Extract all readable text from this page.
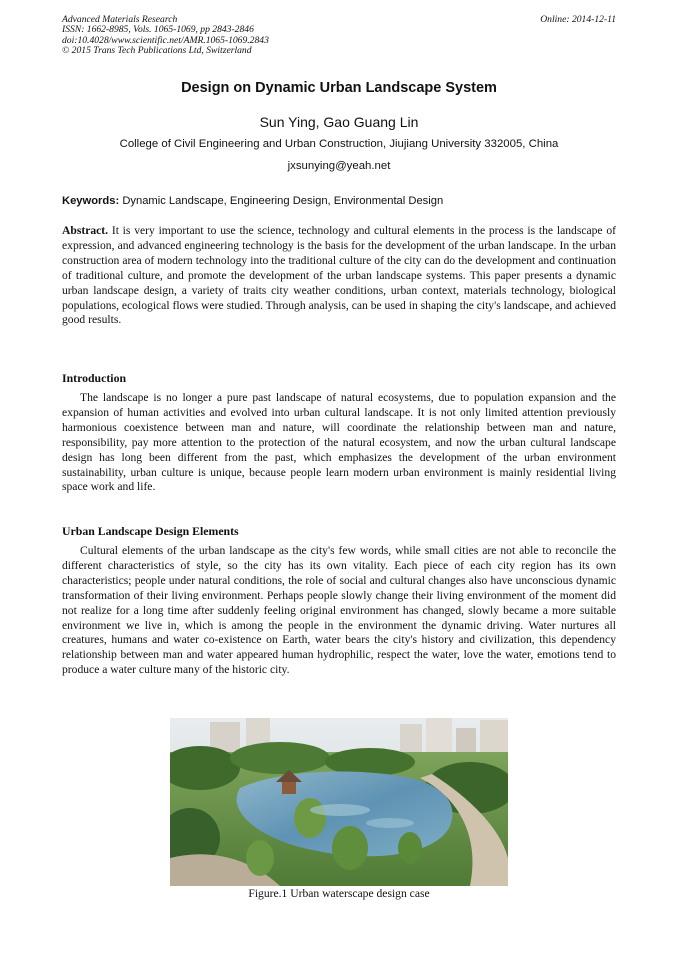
Advanced Materials Research
ISSN: 1662-8985, Vols. 1065-1069, pp 2843-2846
doi:10.4028/www.scientific.net/AMR.1065-1069.2843
© 2015 Trans Tech Publications Ltd, Switzerland
Online: 2014-12-11
Design on Dynamic Urban Landscape System
Sun Ying, Gao Guang Lin
College of Civil Engineering and Urban Construction, Jiujiang University 332005, China
jxsunying@yeah.net
Keywords: Dynamic Landscape, Engineering Design, Environmental Design
Abstract. It is very important to use the science, technology and cultural elements in the process is the landscape of expression, and advanced engineering technology is the basis for the development of the urban landscape. In the urban construction area of modern technology into the traditional culture of the city can do the development and continuation of traditional culture, and promote the development of the urban landscape systems. This paper presents a dynamic urban landscape design, a variety of traits city weather conditions, urban context, materials technology, biological populations, ecological flows were studied. Through analysis, can be used in shaping the city's landscape, and achieved good results.
Introduction
The landscape is no longer a pure past landscape of natural ecosystems, due to population expansion and the expansion of human activities and evolved into urban cultural landscape. It is not only limited attention previously harmonious coexistence between man and nature, will coordinate the relationship between man and nature, responsibility, pay more attention to the protection of the natural ecosystem, and now the urban cultural landscape design has long been different from the past, which emphasizes the development of the urban environment sustainability, urban culture is unique, because people learn modern urban environment is mainly residential living space work and life.
Urban Landscape Design Elements
Cultural elements of the urban landscape as the city's few words, while small cities are not able to reconcile the different characteristics of style, so the city has its own vitality. Each piece of each city region has its own characteristics; people under natural conditions, the role of social and cultural changes also have unconscious dynamic transformation of their living environment. Perhaps people slowly change their living environment of the moment did not realize for a long time after suddenly feeling original environment has changed, slowly became a more suitable environment we live in, which is among the people in the environment the dynamic driving. Water nurtures all creatures, humans and water co-existence on Earth, water bears the city's history and civilization, this dependency relationship between man and water appeared human hydrophilic, respect the water, love the water, emotions tend to produce a water culture many of the historic city.
Figure.1 Urban waterscape design case
